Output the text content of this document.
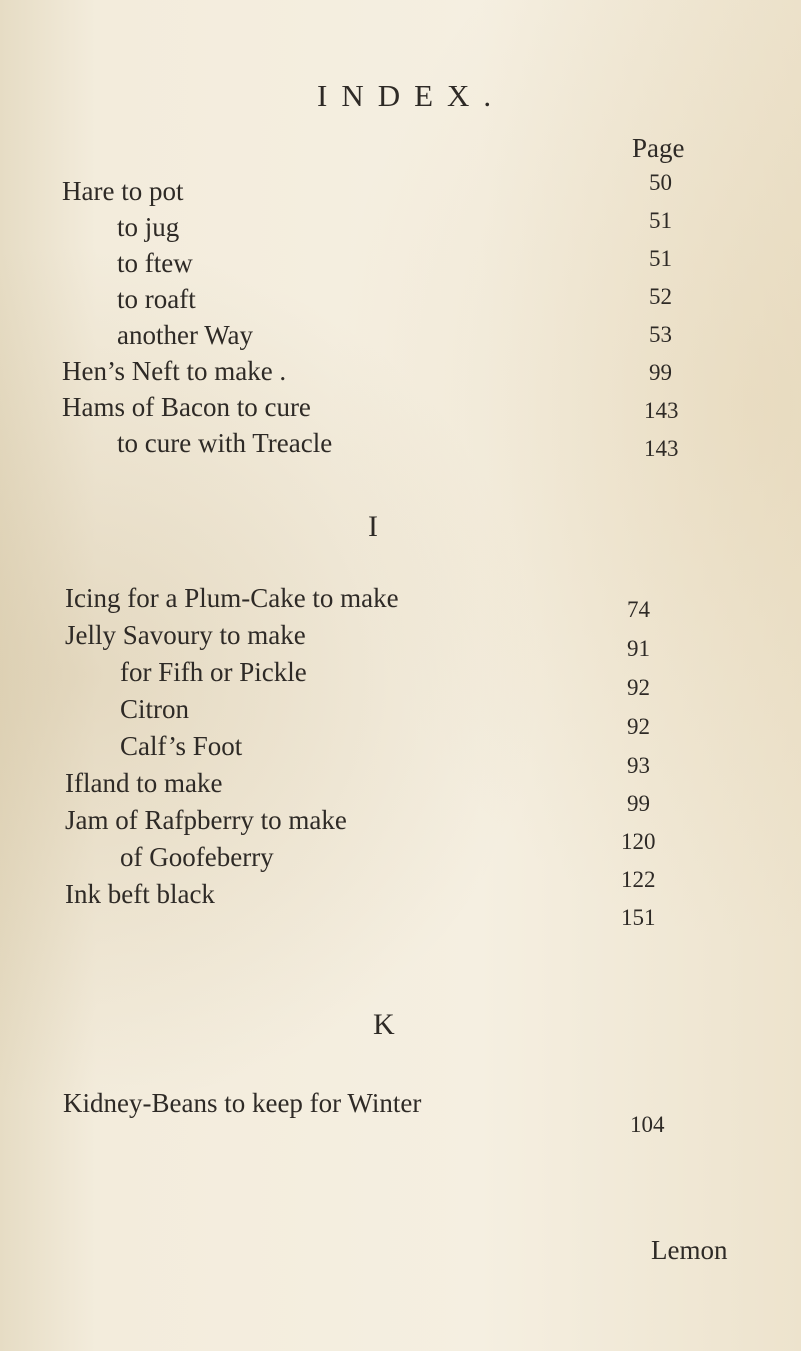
INDEX.
Page
Hare to pot
to jug
to ftew
to roaft
another Way
Hen’s Neft to make .
Hams of Bacon to cure
to cure with Treacle
50
51
51
52
53
99
143
143
I
Icing for a Plum-Cake to make
Jelly Savoury to make
for Fifh or Pickle
Citron
Calf’s Foot
Ifland to make
Jam of Rafpberry to make
of Goofeberry
Ink beft black
74
91
92
92
93
99
120
122
151
K
Kidney-Beans to keep for Winter
104
Lemon
